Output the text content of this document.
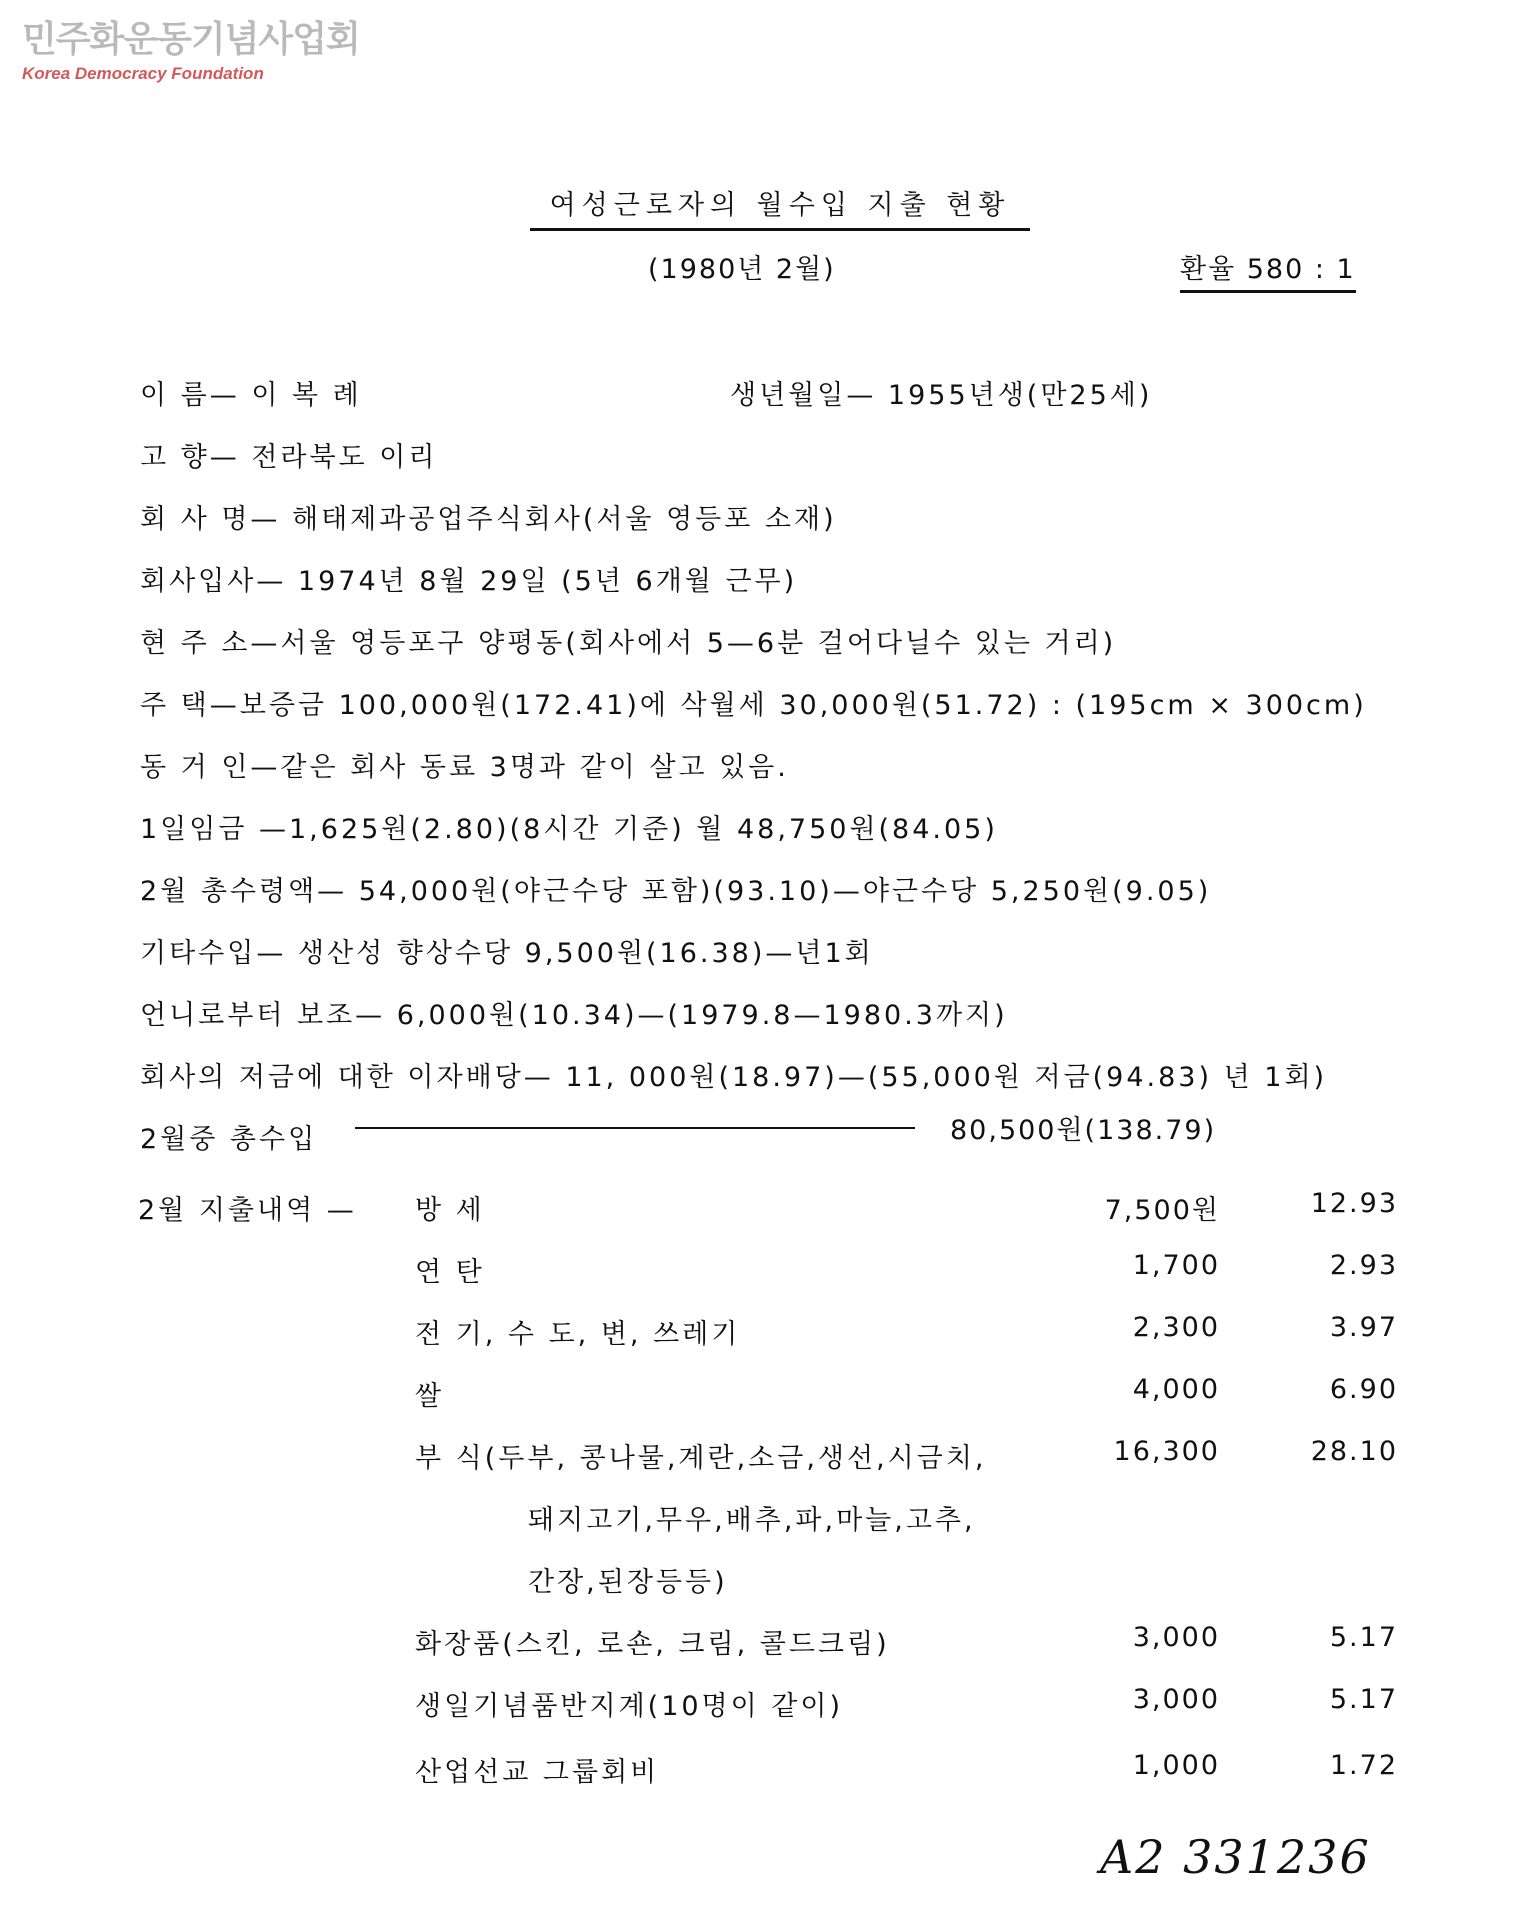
민주화운동기념사업회
Korea Democracy Foundation
여성근로자의 월수입 지출 현황
(1980년 2월)	환율 580 : 1
이 름— 이 복 례	생년월일— 1955년생(만25세)
고 향— 전라북도 이리
회 사 명— 해태제과공업주식회사(서울 영등포 소재)
회사입사— 1974년 8월 29일 (5년 6개월 근무)
현 주 소—서울 영등포구 양평동(회사에서 5—6분 걸어다닐수 있는 거리)
주 택—보증금 100,000원(172.41)에 삭월세 30,000원(51.72) : (195cm × 300cm)
동 거 인—같은 회사 동료 3명과 같이 살고 있음.
1일임금 —1,625원(2.80)(8시간 기준) 월 48,750원(84.05)
2월 총수령액— 54,000원(야근수당 포함)(93.10)—야근수당 5,250원(9.05)
기타수입— 생산성 향상수당 9,500원(16.38)—년1회
언니로부터 보조— 6,000원(10.34)—(1979.8—1980.3까지)
회사의 저금에 대한 이자배당— 11, 000원(18.97)—(55,000원 저금(94.83) 년 1회)
2월중 총수입	80,500원(138.79)
2월 지출내역 — 방 세	7,500원	12.93
연 탄	1,700	2.93
전 기, 수 도, 변, 쓰레기	2,300	3.97
쌀	4,000	6.90
부 식(두부, 콩나물,계란,소금,생선,시금치,	16,300	28.10
돼지고기,무우,배추,파,마늘,고추,
간장,된장등등)
화장품(스킨, 로숀, 크림, 콜드크림)	3,000	5.17
생일기념품반지계(10명이 같이)	3,000	5.17
산업선교 그룹회비	1,000	1.72
A2 331236
